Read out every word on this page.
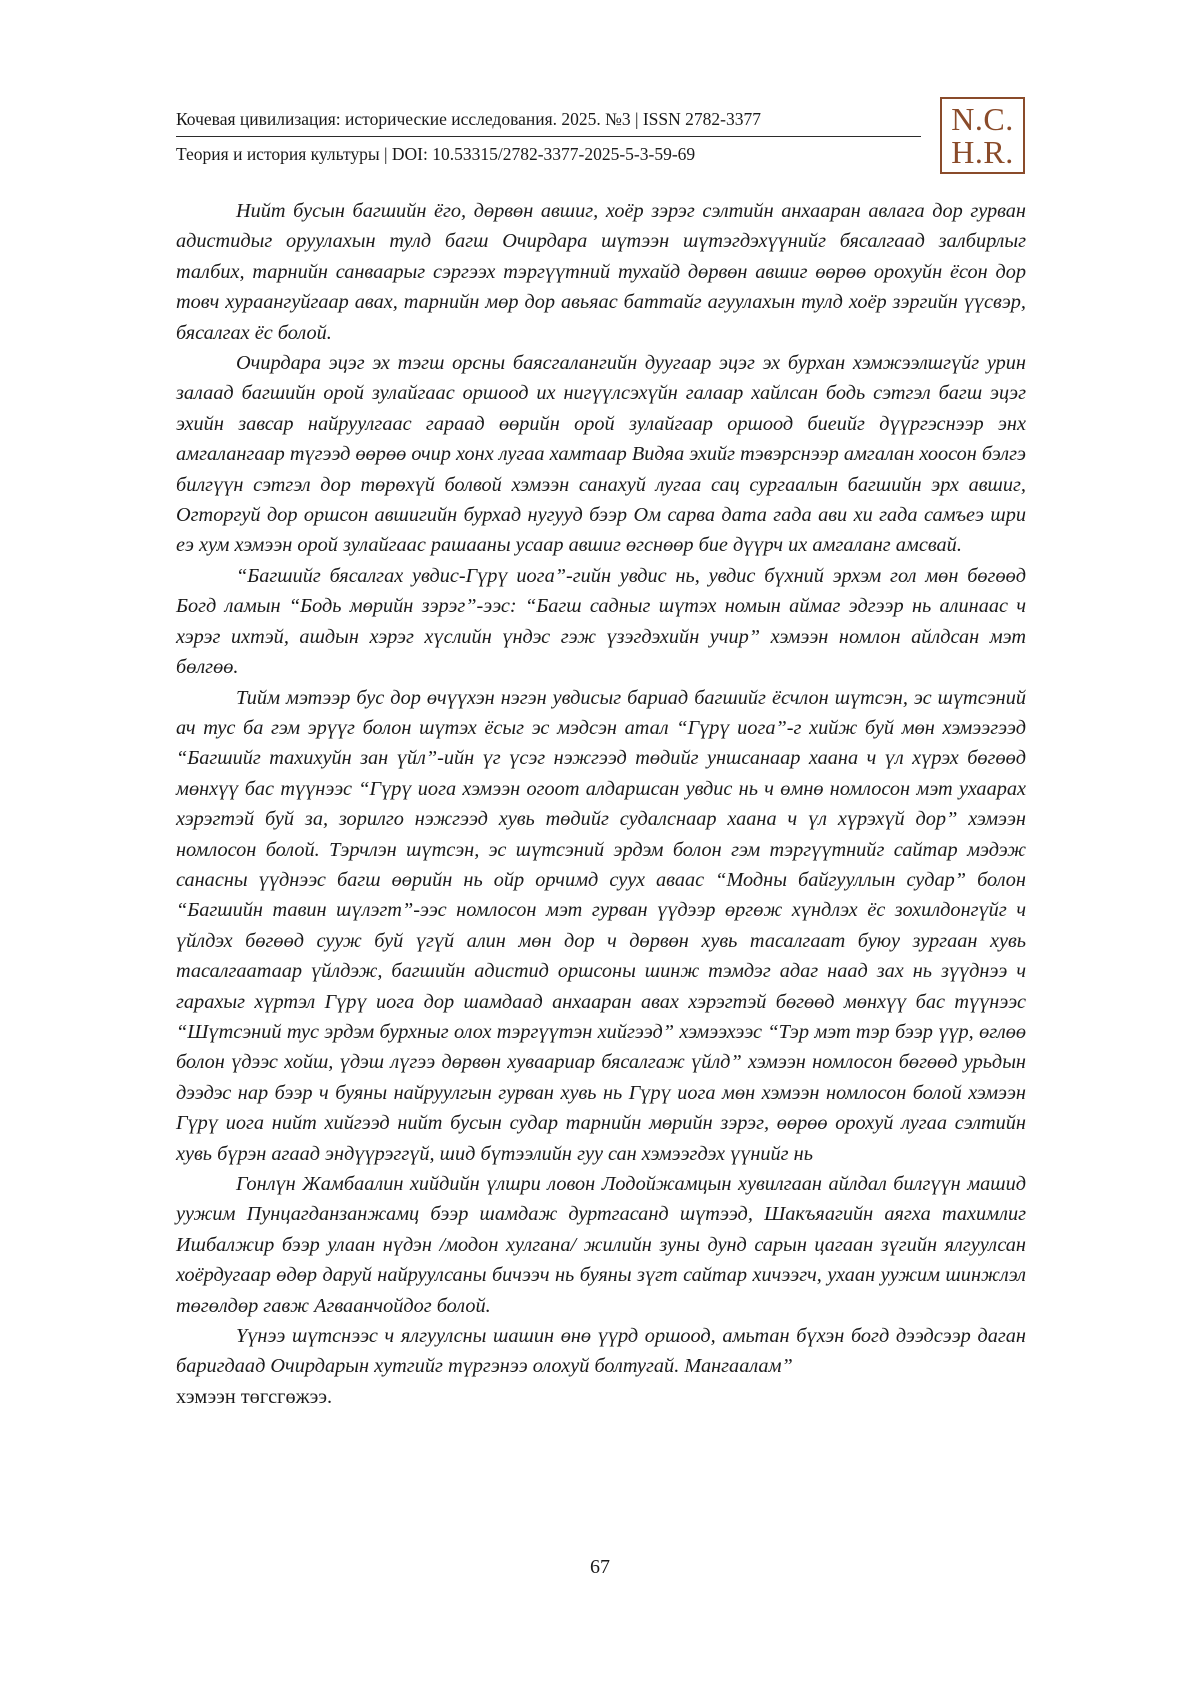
Кочевая цивилизация: исторические исследования. 2025. №3 | ISSN 2782-3377
Теория и история культуры | DOI: 10.53315/2782-3377-2025-5-3-59-69
N.C.
H.R.

Нийт бусын багшийн ёго, дөрвөн авшиг, хоёр зэрэг сэлтийн анхааран авлага дор гурван адистидыг оруулахын тулд багш Очирдара шүтээн шүтэгдэхүүнийг бясалгаад залбирлыг талбих, тарнийн санваарыг сэргээх тэргүүтний тухайд дөрвөн авшиг өөрөө орохуйн ёсон дор товч хураангуйгаар авах, тарнийн мөр дор авьяас баттайг агуулахын тулд хоёр зэргийн үүсвэр, бясалгах ёс болой.

Очирдара эцэг эх тэгш орсны баясгалангийн дуугаар эцэг эх бурхан хэмжээлшгүйг урин залаад багшийн орой зулайгаас оршоод их нигүүлсэхүйн галаар хайлсан бодь сэтгэл багш эцэг эхийн завсар найруулгаас гараад өөрийн орой зулайгаар оршоод биеийг дүүргэснээр энх амгалангаар түгээд өөрөө очир хонх лугаа хамтаар Видяа эхийг тэвэрснээр амгалан хоосон бэлгэ билгүүн сэтгэл дор төрөхүй болвой хэмээн санахуй лугаа сац сургаалын багшийн эрх авшиг, Огторгуй дор оршсон авшигийн бурхад нугууд бээр Ом сарва дата гада ави хи гада самъеэ шри еэ хум хэмээн орой зулайгаас рашааны усаар авшиг өгснөөр бие дүүрч их амгаланг амсвай.

“Багшийг бясалгах увдис-Гүрү иога”-гийн увдис нь, увдис бүхний эрхэм гол мөн бөгөөд Богд ламын “Бодь мөрийн зэрэг”-ээс: “Багш садныг шүтэх номын аймаг эдгээр нь алинаас ч хэрэг ихтэй, ашдын хэрэг хүслийн үндэс гэж үзэгдэхийн учир” хэмээн номлон айлдсан мэт бөлгөө.

Тийм мэтээр бус дор өчүүхэн нэгэн увдисыг бариад багшийг ёсчлон шүтсэн, эс шүтсэний ач тус ба гэм эрүүг болон шүтэх ёсыг эс мэдсэн атал “Гүрү иога”-г хийж буй мөн хэмээгээд “Багшийг тахихуйн зан үйл”-ийн үг үсэг нэжгээд төдийг уншсанаар хаана ч үл хүрэх бөгөөд мөнхүү бас түүнээс “Гүрү иога хэмээн огоот алдаршсан увдис нь ч өмнө номлосон мэт ухаарах хэрэгтэй буй за, зорилго нэжгээд хувь төдийг судалснаар хаана ч үл хүрэхүй дор” хэмээн номлосон болой. Тэрчлэн шүтсэн, эс шүтсэний эрдэм болон гэм тэргүүтнийг сайтар мэдэж санасны үүднээс багш өөрийн нь ойр орчимд суух аваас “Модны байгууллын судар” болон “Багшийн тавин шүлэгт”-ээс номлосон мэт гурван үүдээр өргөж хүндлэх ёс зохилдонгүйг ч үйлдэх бөгөөд сууж буй үгүй алин мөн дор ч дөрвөн хувь тасалгаат буюу зургаан хувь тасалгаатаар үйлдэж, багшийн адистид оршсоны шинж тэмдэг адаг наад зах нь зүүднээ ч гарахыг хүртэл Гүрү иога дор шамдаад анхааран авах хэрэгтэй бөгөөд мөнхүү бас түүнээс “Шүтсэний тус эрдэм бурхныг олох тэргүүтэн хийгээд” хэмээхээс “Тэр мэт тэр бээр үүр, өглөө болон үдээс хойш, үдэш лүгээ дөрвөн хувaариар бясалгаж үйлд” хэмээн номлосон бөгөөд урьдын дээдэс нар бээр ч буяны найруулгын гурван хувь нь Гүрү иога мөн хэмээн номлосон болой хэмээн Гүрү иога нийт хийгээд нийт бусын судар тарнийн мөрийн зэрэг, өөрөө орохуй лугаа сэлтийн хувь бүрэн агаад эндүүрэггүй, шид бүтээлийн гуу сан хэмээгдэх үүнийг нь

Гонлүн Жамбаалин хийдийн үлшри ловон Лодойжамцын хувилгаан айлдал билгүүн машид уужим Пунцагданзанжамц бээр шамдаж дуртгасанд шүтээд, Шакъяагийн аягха тахимлиг Ишбалжир бээр улаан нүдэн /модон хулгана/ жилийн зуны дунд сарын цагаан зүгийн ялгуулсан хоёрдугаар өдөр даруй найруулсаны бичээч нь буяны зүгт сайтар хичээгч, ухаан уужим шинжлэл төгөлдөр гавж Агваанчойдог болой.

Үүнээ шүтснээс ч ялгуулсны шашин өнө үүрд оршоод, амьтан бүхэн богд дээдсээр даган баригдаад Очирдарын хутгийг түргэнээ олохуй болтугай. Мангаалам”

хэмээн төгсгөжээ.

67
